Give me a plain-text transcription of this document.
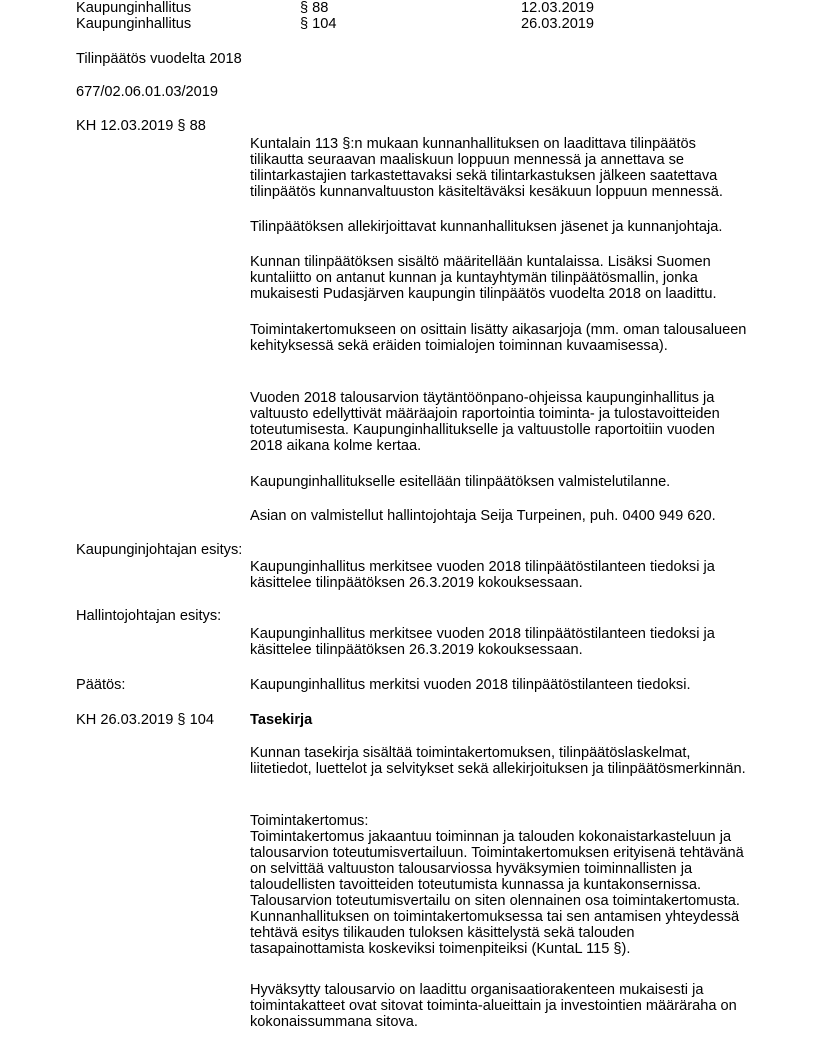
Kaupunginhallitus	§ 88	12.03.2019
Kaupunginhallitus	§ 104	26.03.2019
Tilinpäätös vuodelta 2018
677/02.06.01.03/2019
KH 12.03.2019 § 88

Kuntalain 113 §:n mukaan kunnanhallituksen on laadittava tilinpäätös tilikautta seuraavan maaliskuun loppuun mennessä ja annettava se tilintarkastajien tarkastettavaksi sekä tilintarkastuksen jälkeen saatettava tilinpäätös kunnanvaltuuston käsiteltäväksi kesäkuun loppuun mennessä.

Tilinpäätöksen allekirjoittavat kunnanhallituksen jäsenet ja kunnanjohtaja.

Kunnan tilinpäätöksen sisältö määritellään kuntalaissa. Lisäksi Suomen kuntaliitto on antanut kunnan ja kuntayhtymän tilinpäätösmallin, jonka mukaisesti Pudasjärven kaupungin tilinpäätös vuodelta 2018 on laadittu.

Toimintakertomukseen on osittain lisätty aikasarjoja (mm. oman talousalueen kehityksessä sekä eräiden toimialojen toiminnan kuvaamisessa).

Vuoden 2018 talousarvion täytäntöönpano-ohjeissa kaupunginhallitus ja valtuusto edellyttivät määräajoin raportointia toiminta- ja tulostavoitteiden toteutumisesta. Kaupunginhallitukselle ja valtuustolle raportoitiin vuoden 2018 aikana kolme kertaa.

Kaupunginhallitukselle esitellään tilinpäätöksen valmistelutilanne.

Asian on valmistellut hallintojohtaja Seija Turpeinen, puh. 0400 949 620.

Kaupunginjohtajan esitys:

Kaupunginhallitus merkitsee vuoden 2018 tilinpäätöstilanteen tiedoksi ja käsittelee tilinpäätöksen 26.3.2019 kokouksessaan.

Hallintojohtajan esitys:

Kaupunginhallitus merkitsee vuoden 2018 tilinpäätöstilanteen tiedoksi ja käsittelee tilinpäätöksen 26.3.2019 kokouksessaan.

Päätös:	Kaupunginhallitus merkitsi vuoden 2018 tilinpäätöstilanteen tiedoksi.

KH 26.03.2019 § 104 Tasekirja

Kunnan tasekirja sisältää toimintakertomuksen, tilinpäätöslaskelmat, liitetiedot, luettelot ja selvitykset sekä allekirjoituksen ja tilinpäätösmerkinnän.

Toimintakertomus:

Toimintakertomus jakaantuu toiminnan ja talouden kokonaistarkasteluun ja talousarvion toteutumisvertailuun. Toimintakertomuksen erityisenä tehtävänä on selvittää valtuuston talousarviossa hyväksymien toiminnallisten ja taloudellisten tavoitteiden toteutumista kunnassa ja kuntakonsernissa. Talousarvion toteutumisvertailu on siten olennainen osa toimintakertomusta. Kunnanhallituksen on toimintakertomuksessa tai sen antamisen yhteydessä tehtävä esitys tilikauden tuloksen käsittelystä sekä talouden tasapainottamista koskeviksi toimenpiteiksi (KuntaL 115 §).

Hyväksytty talousarvio on laadittu organisaatiorakenteen mukaisesti ja toimintakatteet ovat sitovat toiminta-alueittain ja investointien määräraha on kokonaissummana sitova.
